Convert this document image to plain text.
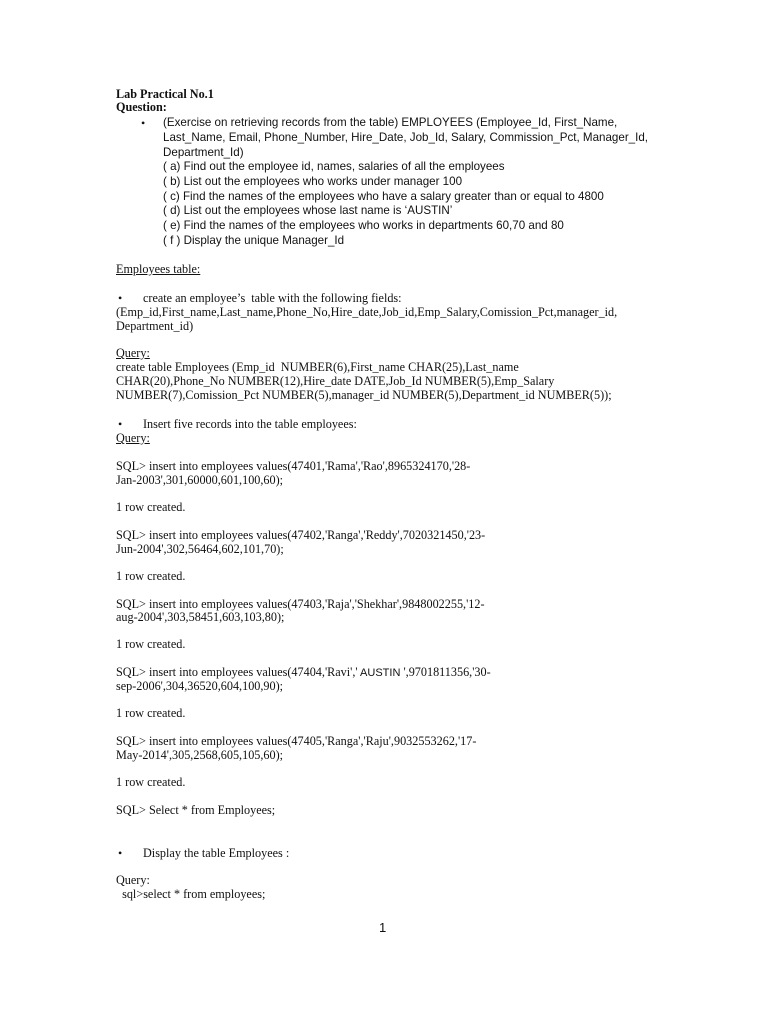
Lab Practical No.1
Question:
• (Exercise on retrieving records from the table) EMPLOYEES (Employee_Id, First_Name,
Last_Name, Email, Phone_Number, Hire_Date, Job_Id, Salary, Commission_Pct, Manager_Id,
Department_Id)
( a) Find out the employee id, names, salaries of all the employees
( b) List out the employees who works under manager 100
( c) Find the names of the employees who have a salary greater than or equal to 4800
( d) List out the employees whose last name is ‘AUSTIN’
( e) Find the names of the employees who works in departments 60,70 and 80
( f ) Display the unique Manager_Id
Employees table:
• create an employee’s  table with the following fields:
(Emp_id,First_name,Last_name,Phone_No,Hire_date,Job_id,Emp_Salary,Comission_Pct,manager_id,
Department_id)
Query:
create table Employees (Emp_id  NUMBER(6),First_name CHAR(25),Last_name
CHAR(20),Phone_No NUMBER(12),Hire_date DATE,Job_Id NUMBER(5),Emp_Salary
NUMBER(7),Comission_Pct NUMBER(5),manager_id NUMBER(5),Department_id NUMBER(5));
• Insert five records into the table employees:
Query:
SQL> insert into employees values(47401,'Rama','Rao',8965324170,'28-
Jan-2003',301,60000,601,100,60);
1 row created.
SQL> insert into employees values(47402,'Ranga','Reddy',7020321450,'23-
Jun-2004',302,56464,602,101,70);
1 row created.
SQL> insert into employees values(47403,'Raja','Shekhar',9848002255,'12-
aug-2004',303,58451,603,103,80);
1 row created.
SQL> insert into employees values(47404,'Ravi',' AUSTIN ',9701811356,'30-
sep-2006',304,36520,604,100,90);
1 row created.
SQL> insert into employees values(47405,'Ranga','Raju',9032553262,'17-
May-2014',305,2568,605,105,60);
1 row created.
SQL> Select * from Employees;
• Display the table Employees :
Query:
sql>select * from employees;
1
